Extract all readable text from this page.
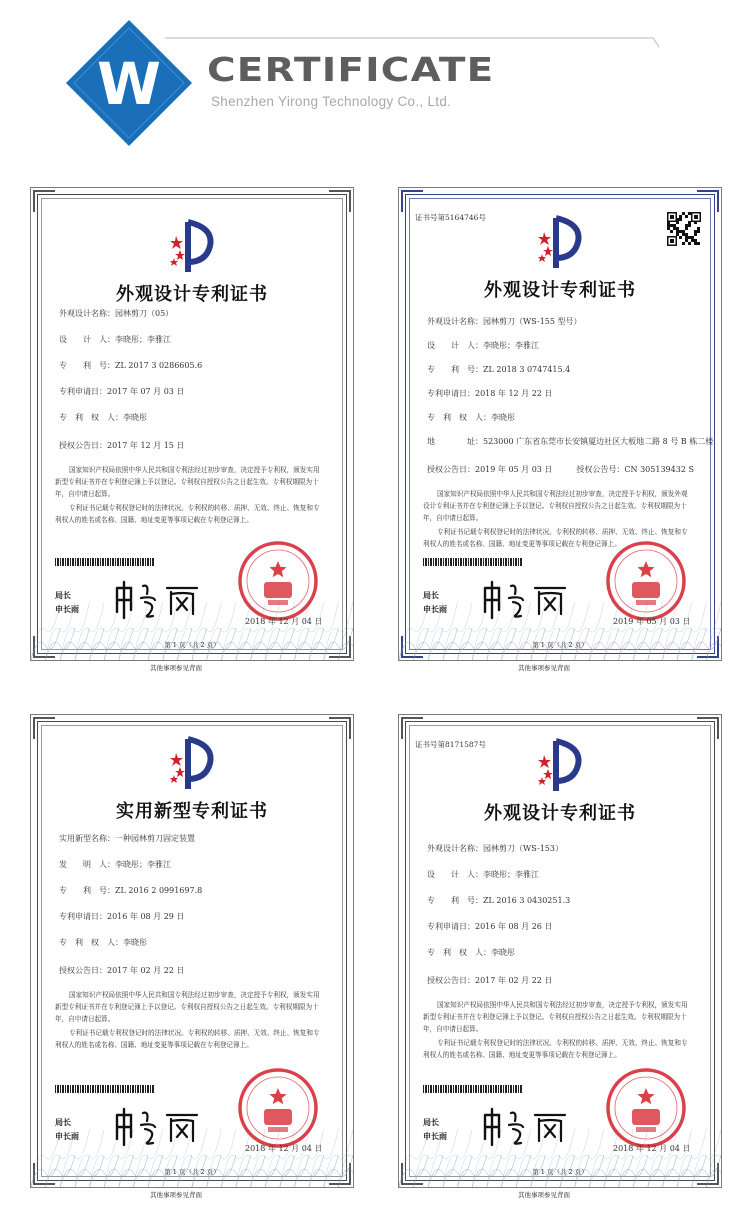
W CERTIFICATE
Shenzhen Yirong Technology Co., Ltd.
外观设计专利证书
外观设计名称：园林剪刀（05）
设　　计　人：李晓彤；李雅江
专　　利　号：ZL 2017 3 0286605.6
专利申请日：2017 年 07 月 03 日
专　利　权　人：李晓彤
授权公告日：2017 年 12 月 15 日
国家知识产权局依照中华人民共和国专利法经过初步审查，决定授予专利权，颁发实用新型专利证书并在专利登记簿上予以登记。专利权自授权公告之日起生效。专利权期限为十年，自申请日起算。
专利证书记载专利权登记时的法律状况。专利权的转移、质押、无效、终止、恢复和专利权人的姓名或名称、国籍、地址变更等事项记载在专利登记簿上。
局长
申长雨
2018 年 12 月 04 日
第 1 页（共 2 页）
其他事项参见背面
证书号第5164746号
外观设计专利证书
外观设计名称：园林剪刀（WS-155 型号）
设　　计　人：李晓彤；李雅江
专　　利　号：ZL 2018 3 0747415.4
专利申请日：2018 年 12 月 22 日
专　利　权　人：李晓彤
地　　　　址：523000 广东省东莞市长安镇厦边社区大板地二路 8 号 B 栋二楼
授权公告日：2019 年 05 月 03 日　　　授权公告号：CN 305139432 S
国家知识产权局依照中华人民共和国专利法经过初步审查，决定授予专利权，颁发外观设计专利证书并在专利登记簿上予以登记。专利权自授权公告之日起生效。专利权期限为十年，自申请日起算。
专利证书记载专利权登记时的法律状况。专利权的转移、质押、无效、终止、恢复和专利权人的姓名或名称、国籍、地址变更等事项记载在专利登记簿上。
局长
申长雨
2019 年 05 月 03 日
第 1 页（共 2 页）
其他事项参见背面
实用新型专利证书
实用新型名称：一种园林剪刀固定装置
发　　明　人：李晓彤；李雅江
专　　利　号：ZL 2016 2 0991697.8
专利申请日：2016 年 08 月 29 日
专　利　权　人：李晓彤
授权公告日：2017 年 02 月 22 日
国家知识产权局依照中华人民共和国专利法经过初步审查，决定授予专利权，颁发实用新型专利证书并在专利登记簿上予以登记。专利权自授权公告之日起生效。专利权期限为十年，自申请日起算。
专利证书记载专利权登记时的法律状况。专利权的转移、质押、无效、终止、恢复和专利权人的姓名或名称、国籍、地址变更等事项记载在专利登记簿上。
局长
申长雨
2018 年 12 月 04 日
第 1 页（共 2 页）
其他事项参见背面
证书号第8171587号
外观设计专利证书
外观设计名称：园林剪刀（WS-153）
设　　计　人：李晓彤；李雅江
专　　利　号：ZL 2016 3 0430251.3
专利申请日：2016 年 08 月 26 日
专　利　权　人：李晓彤
授权公告日：2017 年 02 月 22 日
国家知识产权局依照中华人民共和国专利法经过初步审查，决定授予专利权，颁发实用新型专利证书并在专利登记簿上予以登记。专利权自授权公告之日起生效。专利权期限为十年，自申请日起算。
专利证书记载专利权登记时的法律状况。专利权的转移、质押、无效、终止、恢复和专利权人的姓名或名称、国籍、地址变更等事项记载在专利登记簿上。
局长
申长雨
2018 年 12 月 04 日
第 1 页（共 2 页）
其他事项参见背面
